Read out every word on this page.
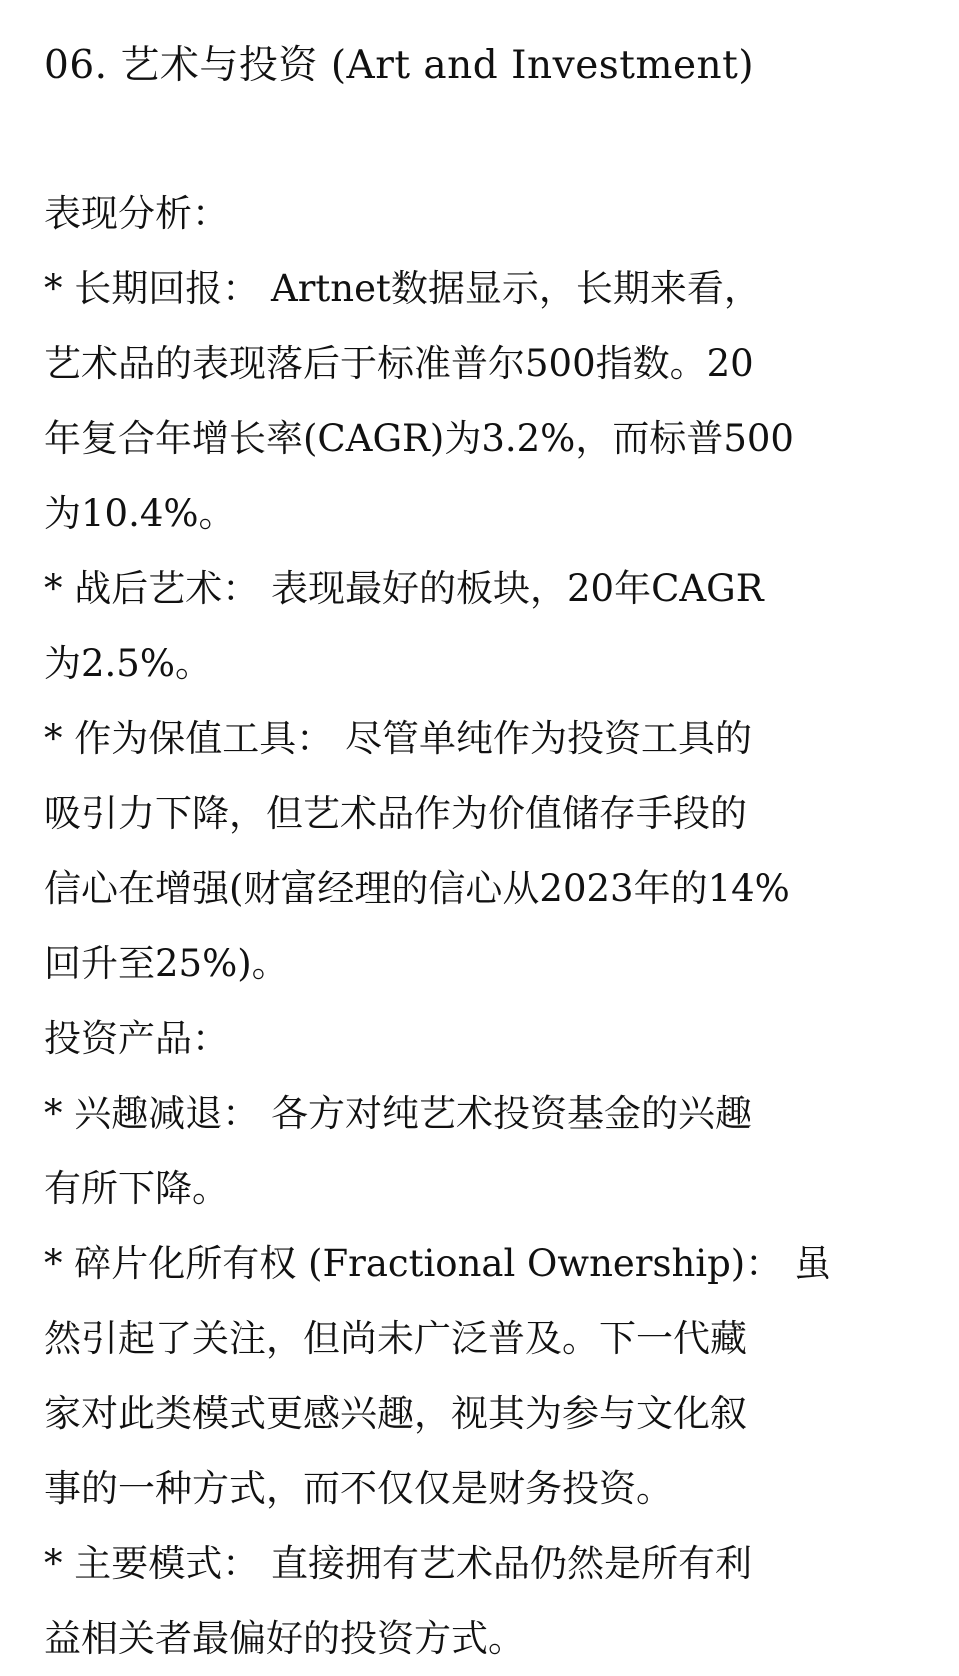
06. 艺术与投资 (Art and Investment)
表现分析：
* 长期回报： Artnet数据显示，长期来看，
艺术品的表现落后于标准普尔500指数。20
年复合年增长率(CAGR)为3.2%，而标普500
为10.4%。
* 战后艺术： 表现最好的板块，20年CAGR
为2.5%。
* 作为保值工具： 尽管单纯作为投资工具的
吸引力下降，但艺术品作为价值储存手段的
信心在增强(财富经理的信心从2023年的14%
回升至25%)。
投资产品：
* 兴趣减退： 各方对纯艺术投资基金的兴趣
有所下降。
* 碎片化所有权 (Fractional Ownership)： 虽
然引起了关注，但尚未广泛普及。下一代藏
家对此类模式更感兴趣，视其为参与文化叙
事的一种方式，而不仅仅是财务投资。
* 主要模式： 直接拥有艺术品仍然是所有利
益相关者最偏好的投资方式。
